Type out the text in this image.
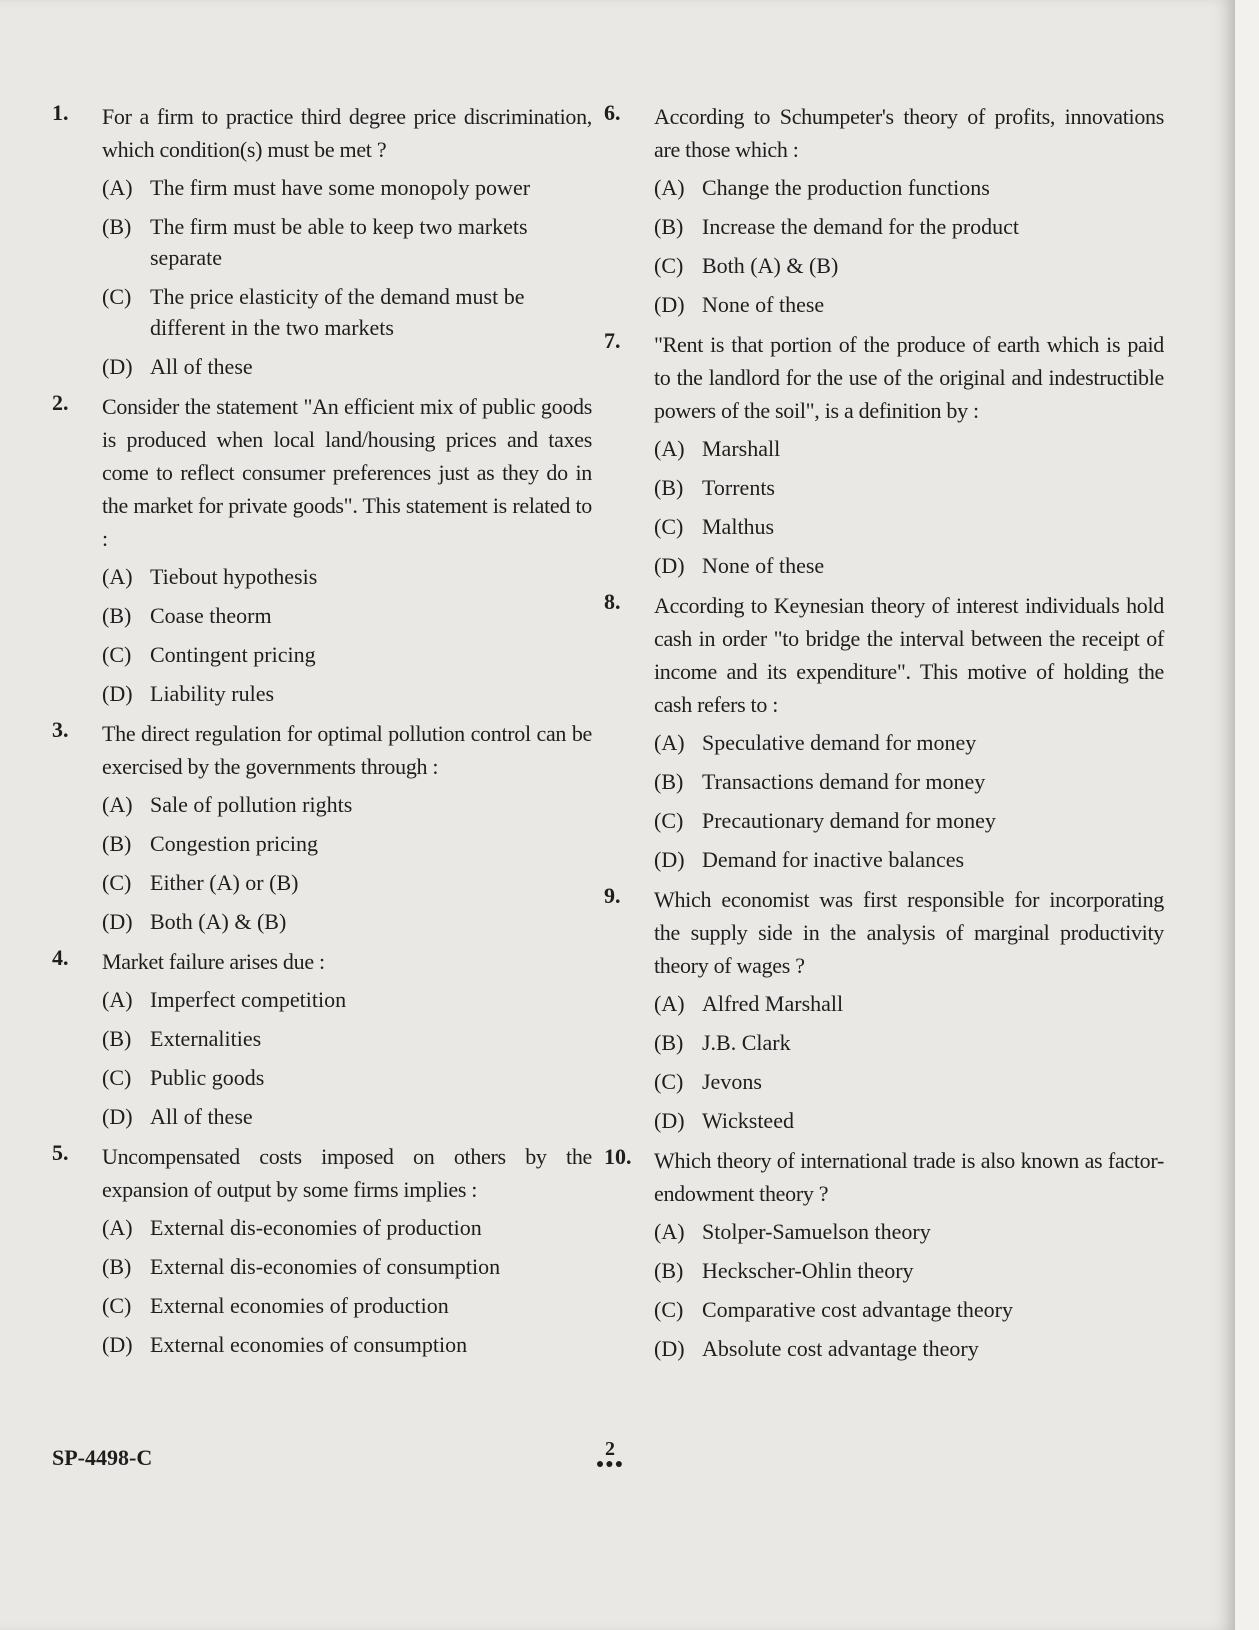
1.	For a firm to practice third degree price discrimination, which condition(s) must be met ?
(A) The firm must have some monopoly power
(B) The firm must be able to keep two markets separate
(C) The price elasticity of the demand must be different in the two markets
(D) All of these
2.	Consider the statement "An efficient mix of public goods is produced when local land/housing prices and taxes come to reflect consumer preferences just as they do in the market for private goods". This statement is related to :
(A) Tiebout hypothesis
(B) Coase theorm
(C) Contingent pricing
(D) Liability rules
3.	The direct regulation for optimal pollution control can be exercised by the governments through :
(A) Sale of pollution rights
(B) Congestion pricing
(C) Either (A) or (B)
(D) Both (A) & (B)
4.	Market failure arises due :
(A) Imperfect competition
(B) Externalities
(C) Public goods
(D) All of these
5.	Uncompensated costs imposed on others by the expansion of output by some firms implies :
(A) External dis-economies of production
(B) External dis-economies of consumption
(C) External economies of production
(D) External economies of consumption
6.	According to Schumpeter's theory of profits, innovations are those which :
(A) Change the production functions
(B) Increase the demand for the product
(C) Both (A) & (B)
(D) None of these
7.	"Rent is that portion of the produce of earth which is paid to the landlord for the use of the original and indestructible powers of the soil", is a definition by :
(A) Marshall
(B) Torrents
(C) Malthus
(D) None of these
8.	According to Keynesian theory of interest individuals hold cash in order "to bridge the interval between the receipt of income and its expenditure". This motive of holding the cash refers to :
(A) Speculative demand for money
(B) Transactions demand for money
(C) Precautionary demand for money
(D) Demand for inactive balances
9.	Which economist was first responsible for incorporating the supply side in the analysis of marginal productivity theory of wages ?
(A) Alfred Marshall
(B) J.B. Clark
(C) Jevons
(D) Wicksteed
10.	Which theory of international trade is also known as factor-endowment theory ?
(A) Stolper-Samuelson theory
(B) Heckscher-Ohlin theory
(C) Comparative cost advantage theory
(D) Absolute cost advantage theory
SP-4498-C	2
●●●
